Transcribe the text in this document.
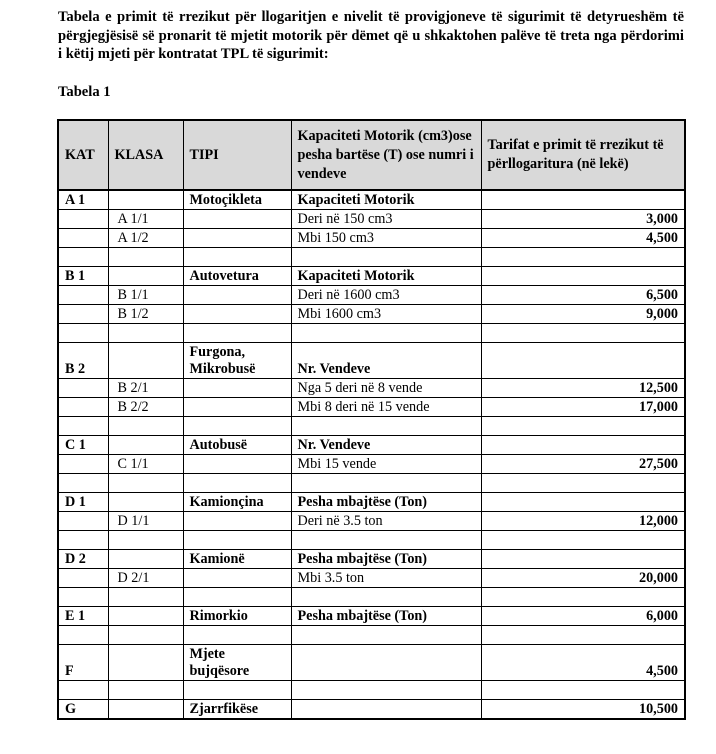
Tabela e primit të rrezikut për llogaritjen e nivelit të provigjoneve të sigurimit të detyrueshëm të përgjegjësisë së pronarit të mjetit motorik për dëmet që u shkaktohen palëve të treta nga përdorimi i këtij mjeti për kontratat TPL të sigurimit:
Tabela 1
KAT	KLASA	TIPI	Kapaciteti Motorik (cm3)ose pesha bartëse (T) ose numri i vendeve	Tarifat e primit të rrezikut të përllogaritura (në lekë)
A 1		Motoçikleta	Kapaciteti Motorik	
	A 1/1		Deri në 150 cm3	3,000
	A 1/2		Mbi 150 cm3	4,500

B 1		Autovetura	Kapaciteti Motorik	
	B 1/1		Deri në 1600 cm3	6,500
	B 1/2		Mbi 1600 cm3	9,000

B 2		Furgona, Mikrobusë	Nr. Vendeve	
	B 2/1		Nga 5 deri në 8 vende	12,500
	B 2/2		Mbi 8 deri në 15 vende	17,000

C 1		Autobusë	Nr. Vendeve	
	C 1/1		Mbi 15 vende	27,500

D 1		Kamionçina	Pesha mbajtëse (Ton)	
	D 1/1		Deri në 3.5 ton	12,000

D 2		Kamionë	Pesha mbajtëse (Ton)	
	D 2/1		Mbi 3.5 ton	20,000

E 1		Rimorkio	Pesha mbajtëse (Ton)	6,000

F		Mjete bujqësore		4,500

G		Zjarrfikëse		10,500
